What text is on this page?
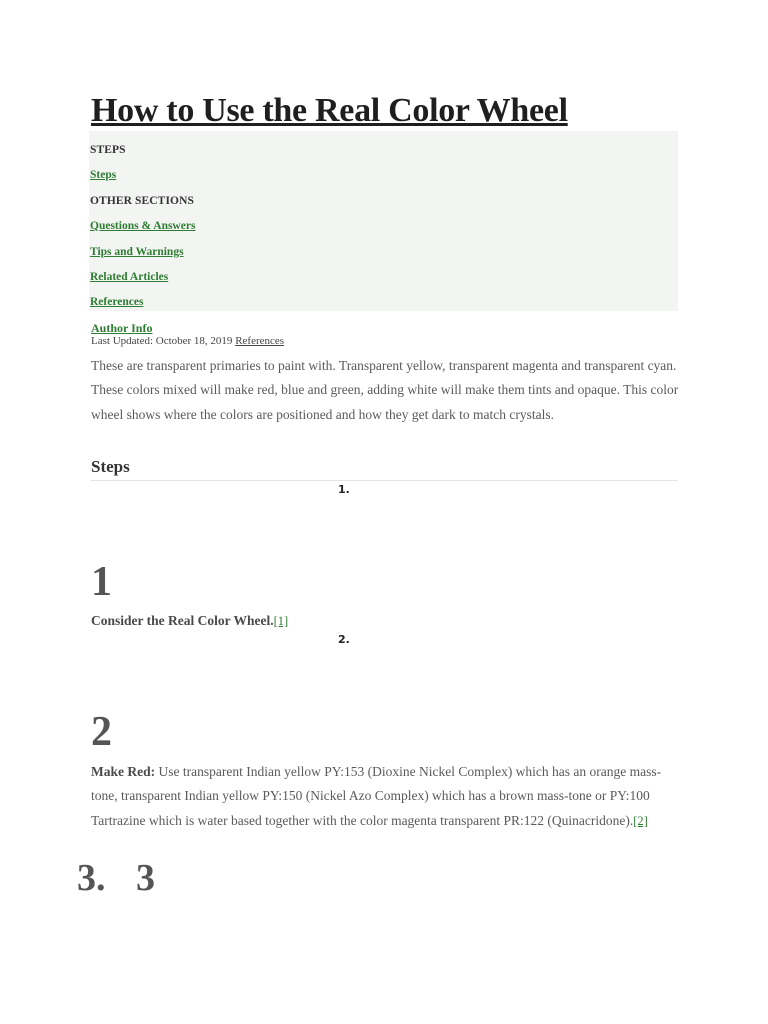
How to Use the Real Color Wheel
STEPS
Steps
OTHER SECTIONS
Questions & Answers
Tips and Warnings
Related Articles
References
Author Info
Last Updated: October 18, 2019 References

These are transparent primaries to paint with. Transparent yellow, transparent magenta and transparent cyan. These colors mixed will make red, blue and green, adding white will make them tints and opaque. This color wheel shows where the colors are positioned and how they get dark to match crystals.

Steps
1.
1

Consider the Real Color Wheel.[1]

2.
2

Make Red: Use transparent Indian yellow PY:153 (Dioxine Nickel Complex) which has an orange mass-tone, transparent Indian yellow PY:150 (Nickel Azo Complex) which has a brown mass-tone or PY:100 Tartrazine which is water based together with the color magenta transparent PR:122 (Quinacridone).[2]

3. 3
